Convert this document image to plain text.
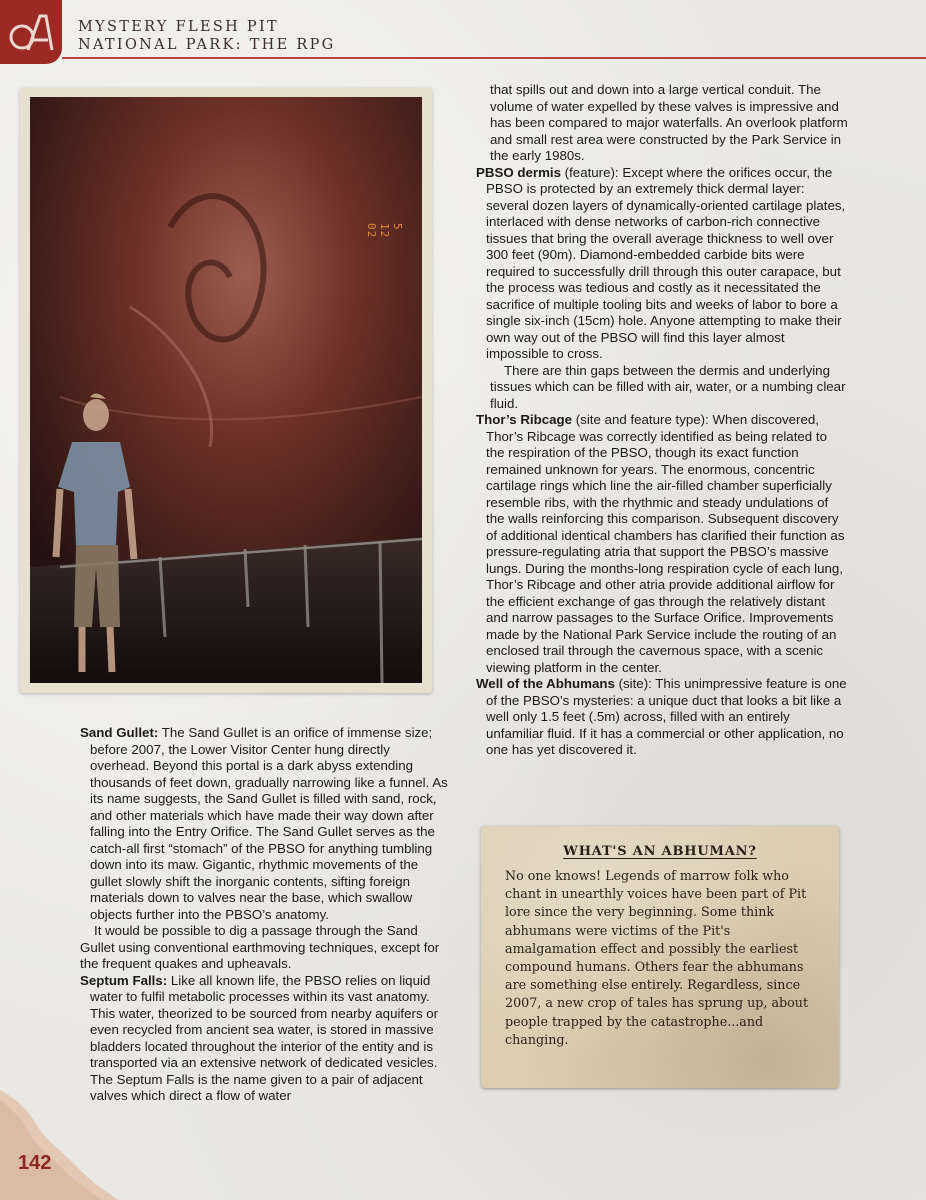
MYSTERY FLESH PIT
NATIONAL PARK: THE RPG
5 12 02

Sand Gullet: The Sand Gullet is an orifice of immense size; before 2007, the Lower Visitor Center hung directly overhead. Beyond this portal is a dark abyss extending thousands of feet down, gradually narrowing like a funnel. As its name suggests, the Sand Gullet is filled with sand, rock, and other materials which have made their way down after falling into the Entry Orifice. The Sand Gullet serves as the catch-all first “stomach” of the PBSO for anything tumbling down into its maw. Gigantic, rhythmic movements of the gullet slowly shift the inorganic contents, sifting foreign materials down to valves near the base, which swallow objects further into the PBSO’s anatomy.

It would be possible to dig a passage through the Sand Gullet using conventional earthmoving techniques, except for the frequent quakes and upheavals.

Septum Falls: Like all known life, the PBSO relies on liquid water to fulfil metabolic processes within its vast anatomy. This water, theorized to be sourced from nearby aquifers or even recycled from ancient sea water, is stored in massive bladders located throughout the interior of the entity and is transported via an extensive network of dedicated vesicles. The Septum Falls is the name given to a pair of adjacent valves which direct a flow of water

that spills out and down into a large vertical conduit. The volume of water expelled by these valves is impressive and has been compared to major waterfalls. An overlook platform and small rest area were constructed by the Park Service in the early 1980s.

PBSO dermis (feature): Except where the orifices occur, the PBSO is protected by an extremely thick dermal layer: several dozen layers of dynamically-oriented cartilage plates, interlaced with dense networks of carbon-rich connective tissues that bring the overall average thickness to well over 300 feet (90m). Diamond-embedded carbide bits were required to successfully drill through this outer carapace, but the process was tedious and costly as it necessitated the sacrifice of multiple tooling bits and weeks of labor to bore a single six-inch (15cm) hole. Anyone attempting to make their own way out of the PBSO will find this layer almost impossible to cross.

There are thin gaps between the dermis and underlying tissues which can be filled with air, water, or a numbing clear fluid.

Thor’s Ribcage (site and feature type): When discovered, Thor’s Ribcage was correctly identified as being related to the respiration of the PBSO, though its exact function remained unknown for years. The enormous, concentric cartilage rings which line the air-filled chamber superficially resemble ribs, with the rhythmic and steady undulations of the walls reinforcing this comparison. Subsequent discovery of additional identical chambers has clarified their function as pressure-regulating atria that support the PBSO’s massive lungs. During the months-long respiration cycle of each lung, Thor’s Ribcage and other atria provide additional airflow for the efficient exchange of gas through the relatively distant and narrow passages to the Surface Orifice. Improvements made by the National Park Service include the routing of an enclosed trail through the cavernous space, with a scenic viewing platform in the center.

Well of the Abhumans (site): This unimpressive feature is one of the PBSO’s mysteries: a unique duct that looks a bit like a well only 1.5 feet (.5m) across, filled with an entirely unfamiliar fluid. If it has a commercial or other application, no one has yet discovered it.

WHAT'S AN ABHUMAN?
No one knows! Legends of marrow folk who chant in unearthly voices have been part of Pit lore since the very beginning. Some think abhumans were victims of the Pit's amalgamation effect and possibly the earliest compound humans. Others fear the abhumans are something else entirely. Regardless, since 2007, a new crop of tales has sprung up, about people trapped by the catastrophe...and changing.
142
